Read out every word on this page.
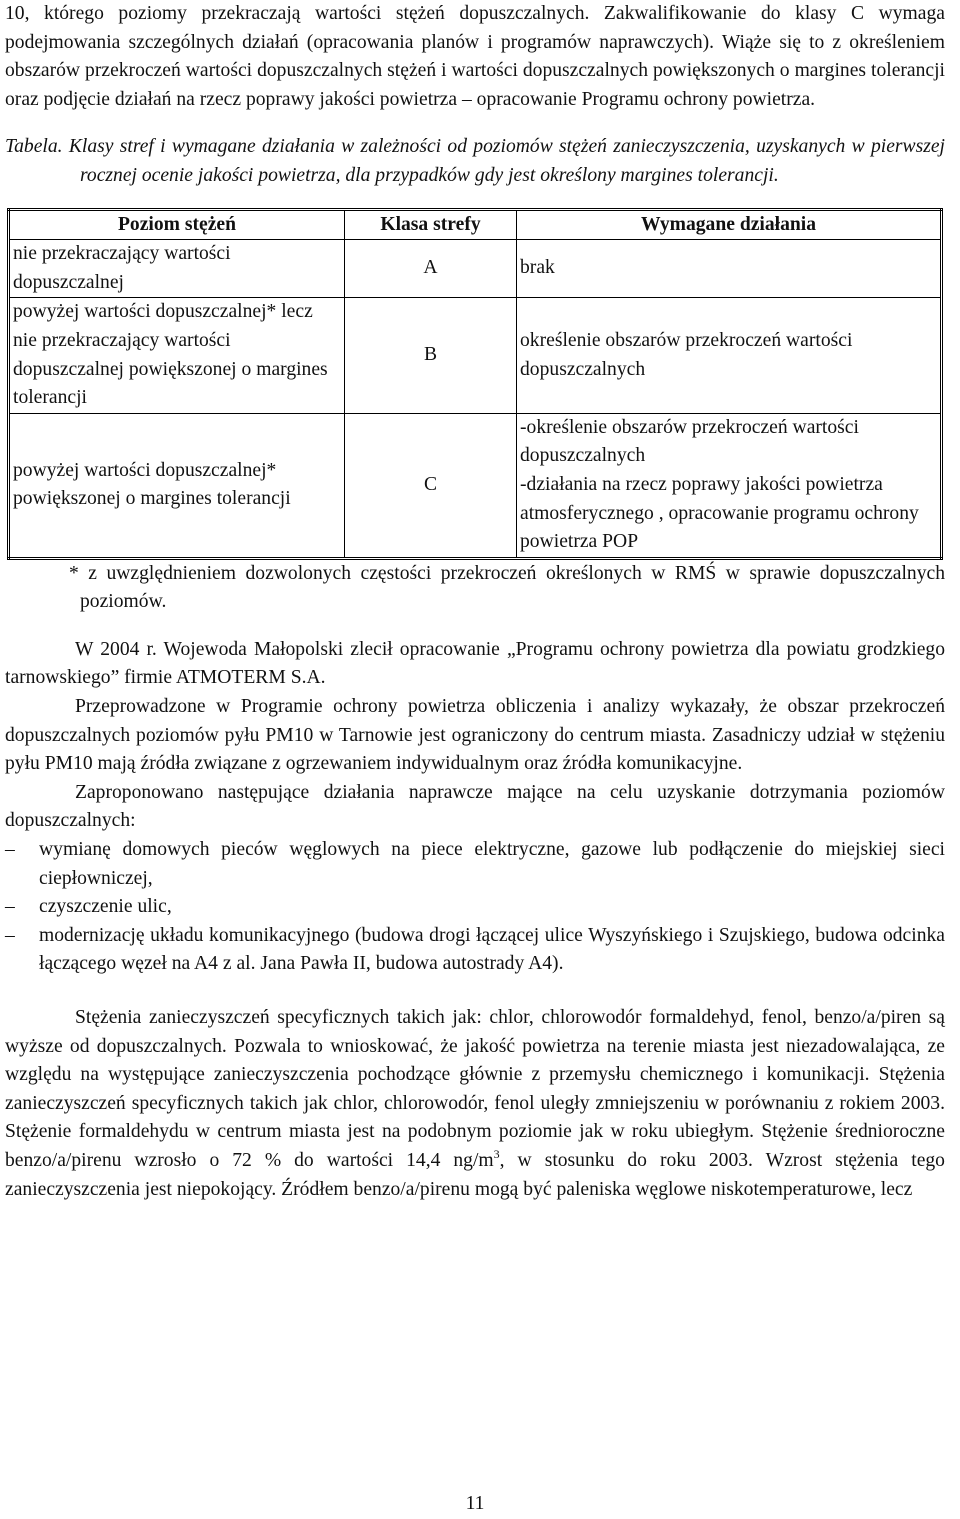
10, którego poziomy przekraczają wartości stężeń dopuszczalnych. Zakwalifikowanie do klasy C wymaga podejmowania szczególnych działań (opracowania planów i programów naprawczych). Wiąże się to z określeniem obszarów przekroczeń wartości dopuszczalnych stężeń i wartości dopuszczalnych powiększonych o margines tolerancji oraz podjęcie działań na rzecz poprawy jakości powietrza – opracowanie Programu ochrony powietrza.

Tabela. Klasy stref i wymagane działania w zależności od poziomów stężeń zanieczyszczenia, uzyskanych w pierwszej rocznej ocenie jakości powietrza, dla przypadków gdy jest określony margines tolerancji.

Poziom stężeń	Klasa strefy	Wymagane działania
nie przekraczający wartości dopuszczalnej	A	brak
powyżej wartości dopuszczalnej* lecz nie przekraczający wartości dopuszczalnej powiększonej o margines tolerancji	B	określenie obszarów przekroczeń wartości dopuszczalnych
powyżej wartości dopuszczalnej* powiększonej o margines tolerancji	C	-określenie obszarów przekroczeń wartości dopuszczalnych
-działania na rzecz poprawy jakości powietrza atmosferycznego , opracowanie programu ochrony powietrza POP

* z uwzględnieniem dozwolonych częstości przekroczeń określonych w RMŚ w sprawie dopuszczalnych poziomów.

W 2004 r. Wojewoda Małopolski zlecił opracowanie „Programu ochrony powietrza dla powiatu grodzkiego tarnowskiego” firmie ATMOTERM S.A.

Przeprowadzone w Programie ochrony powietrza obliczenia i analizy wykazały, że obszar przekroczeń dopuszczalnych poziomów pyłu PM10 w Tarnowie jest ograniczony do centrum miasta. Zasadniczy udział w stężeniu pyłu PM10 mają źródła związane z ogrzewaniem indywidualnym oraz źródła komunikacyjne.

Zaproponowano następujące działania naprawcze mające na celu uzyskanie dotrzymania poziomów dopuszczalnych:

– wymianę domowych pieców węglowych na piece elektryczne, gazowe lub podłączenie do miejskiej sieci ciepłowniczej,
– czyszczenie ulic,
– modernizację układu komunikacyjnego (budowa drogi łączącej ulice Wyszyńskiego i Szujskiego, budowa odcinka łączącego węzeł na A4 z al. Jana Pawła II, budowa autostrady A4).

Stężenia zanieczyszczeń specyficznych takich jak: chlor, chlorowodór formaldehyd, fenol, benzo/a/piren są wyższe od dopuszczalnych. Pozwala to wnioskować, że jakość powietrza na terenie miasta jest niezadowalająca, ze względu na występujące zanieczyszczenia pochodzące głównie z przemysłu chemicznego i komunikacji. Stężenia zanieczyszczeń specyficznych takich jak chlor, chlorowodór, fenol uległy zmniejszeniu w porównaniu z rokiem 2003. Stężenie formaldehydu w centrum miasta jest na podobnym poziomie jak w roku ubiegłym. Stężenie średnioroczne benzo/a/pirenu wzrosło o 72 % do wartości 14,4 $ng/m^3$, w stosunku do roku 2003. Wzrost stężenia tego zanieczyszczenia jest niepokojący. Źródłem benzo/a/pirenu mogą być paleniska węglowe niskotemperaturowe, lecz

11
